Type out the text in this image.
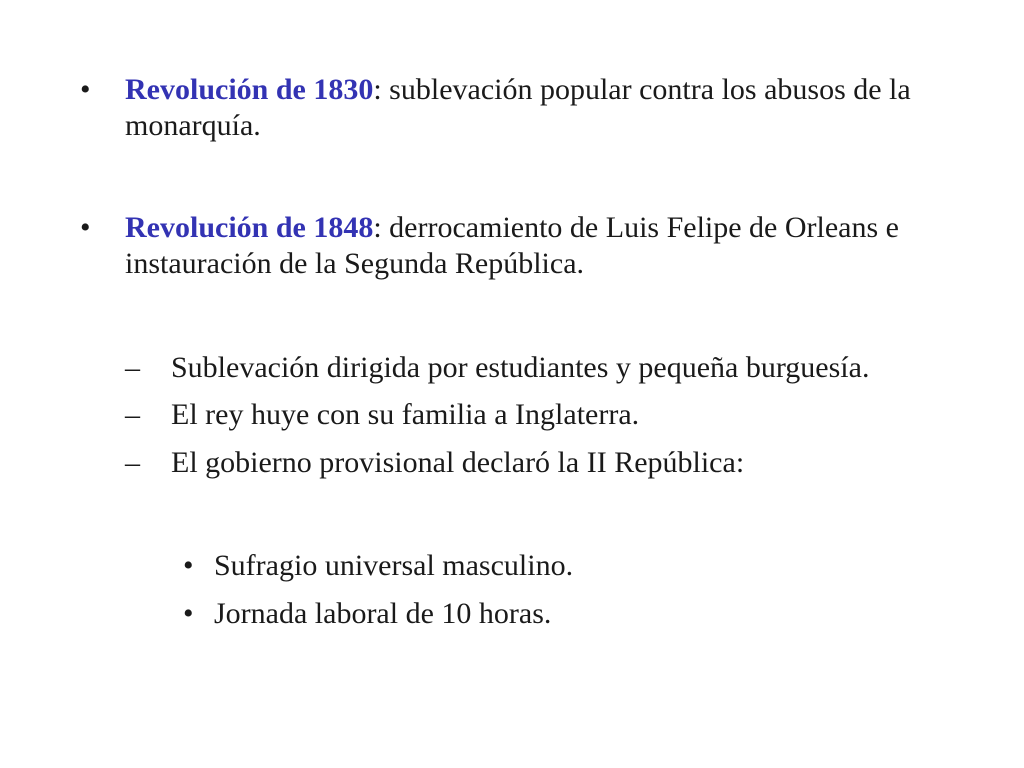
•	Revolución de 1830: sublevación popular contra los abusos de la monarquía.
•	Revolución de 1848: derrocamiento de Luis Felipe de Orleans e instauración de la Segunda República.
–	Sublevación dirigida por estudiantes y pequeña burguesía.
–	El rey huye con su familia a Inglaterra.
–	El gobierno provisional declaró la II República:
• Sufragio universal masculino.
• Jornada laboral de 10 horas.
